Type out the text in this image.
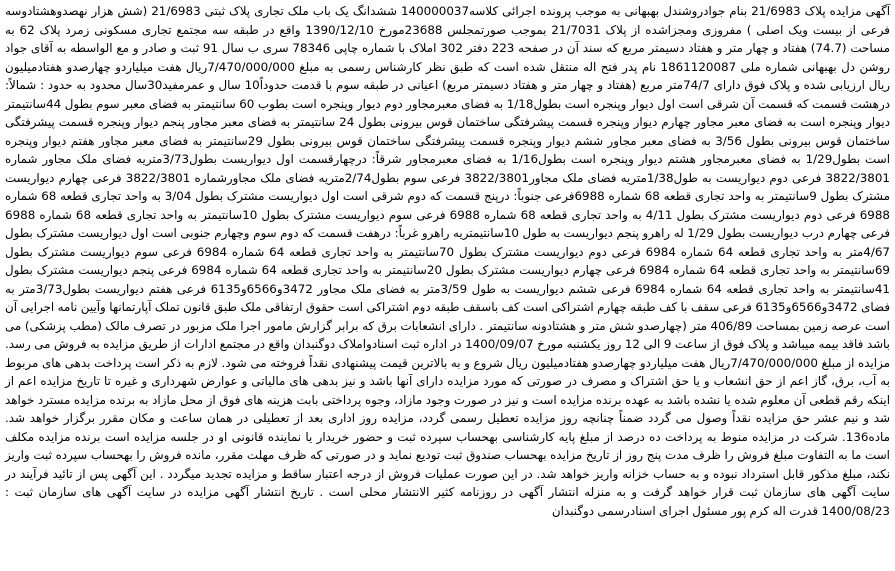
آگهی مزایده پلاک 21/6983 بنام جوادروشندل بهبهانی به موجب پرونده اجرائی کلاسه140000037 ششدانگ یک باب ملک تجاری پلاک ثبتی 21/6983 (شش هزار نهصدوهشتادوسه فرعی از بیست ویک اصلی ) مفروزی ومجزاشده از پلاک 21/7031 بموجب صورتمجلس 23688مورخ 1390/12/10 واقع در طبقه سه مجتمع تجاری مسکونی زمرد پلاک 62 به مساحت (74.7) هفتاد و چهار متر و هفتاد دسیمتر مربع که سند آن در صفحه 223 دفتر 302 املاک با شماره چاپی 78346 سری ب سال 91 ثبت و صادر و مع الواسطه به آقای جواد روشن دل بهبهانی شماره ملی 1861120087 نام پدر فتح اله منتقل شده است که طبق نظر کارشناس رسمی به مبلغ 7/470/000/000ریال هفت میلیاردو چهارصدو هفتادمیلیون ریال ارزیابی شده و پلاک فوق دارای 74/7متر مربع (هفتاد و چهار متر و هفتاد دسیمتر مربع) اعیانی در طبقه سوم با قدمت حدوداً10 سال و عمرمفید30سال محدود به حدود : شمالاً: درهشت قسمت که قسمت آن شرقی است اول دیوار وپنجره است بطول1/18 به فضای معبرمجاور دوم دیوار وپنجره است بطوب 60 سانتیمتر به فضای معبر سوم بطول 44سانتیمتر دیوار وپنجره است به فضای معبر مجاور چهارم دیوار وپنجره قسمت پیشرفتگی ساختمان قوس بیرونی بطول 24 سانتیمتر به فضای معبر مجاور پنجم دیوار وپنجره قسمت پیشرفتگی ساختمان قوس بیرونی بطول 3/56 به فضای معبر مجاور ششم دیوار وپنجره قسمت پیشرفتگی ساختمان قوس بیرونی بطول 29سانتیمتر به فضای معبر مجاور هفتم دیوار وپنجره است بطول1/29 به فضای معبرمجاور هشتم دیوار وپنجره است بطول1/16 به فضای معبرمجاور شرقاً: درچهارقسمت اول دیواریست بطول3/73متریه فضای ملک مجاور شماره 3822/3801 فرعی دوم دیواریست به طول1/38متریه فضای ملک مجاور3822/3801 فرعی سوم بطول2/74متریه فضای ملک مجاورشماره 3822/3801 فرعی چهارم دیواریست مشترک بطول 9سانتیمتر به واحد تجاری قطعه 68 شماره 6988فرعی جنوباً: درپنج قسمت که دوم شرقی است اول دیواریست مشترک بطول 3/04 به واحد تجاری قطعه 68 شماره 6988 فرعی دوم دیواریست مشترک بطول 4/11 به واحد تجاری قطعه 68 شماره 6988 فرعی سوم دیواریست مشترک بطول 10سانتیمتر به واحد تجاری قطعه 68 شماره 6988 فرعی چهارم درب دیواریست بطول 1/29 له راهرو پنجم دیواریست به طول 10سانتیمتریه راهرو غرباً: درهفت قسمت که دوم سوم وچهارم جنوبی است اول دیواریست مشترک بطول 4/67متر به واحد تجاری قطعه 64 شماره 6984 فرعی دوم دیواریست مشترک بطول 70سانتیمتر به واحد تجاری قطعه 64 شماره 6984 فرعی سوم دیواریست مشترک بطول 69سانتیمتر به واحد تجاری قطعه 64 شماره 6984 فرعی چهارم دیواریست مشترک بطول 20سانتیمتر به واحد تجاری قطعه 64 شماره 6984 فرعی پنجم دیواریست مشترک بطول 41سانتیمتر به واحد تجاری قطعه 64 شماره 6984 فرعی ششم دیواریست به طول 3/59متر به فضای ملک مجاور 3472و6566و6135 فرعی هفتم دیواریست بطول3/73متر به فضای 3472و6566و6135 فرعی سقف با کف طبقه چهارم اشتراکی است کف باسقف طبقه دوم اشتراکی است حقوق ارتفاقی ملک طبق قانون تملک آپارتمانها وآیین نامه اجرایی آن است عرصه زمین بمساحت 406/89 متر (چهارصدو شش متر و هشتادونه سانتیمتر . دارای انشعابات برق که برابر گزارش مامور اجرا ملک مزبور در تصرف مالک (مطب پزشکی) می باشد فاقد بیمه میباشد و پلاک فوق از ساعت 9 الی 12 روز یکشنبه مورخ 1400/09/07 در اداره ثبت اسنادواملاک دوگنبدان واقع در مجتمع ادارات از طریق مزایده به فروش می رسد. مزایده از مبلغ 7/470/000/000ریال هفت میلیاردو چهارصدو هفتادمیلیون ریال شروع و به بالاترین قیمت پیشنهادی نقداً فروخته می شود. لازم به ذکر است پرداخت بدهی های مربوط به آب، برق، گاز اعم از حق انشعاب و یا حق اشتراک و مصرف در صورتی که مورد مزایده دارای آنها باشد و نیز بدهی های مالیاتی و عوارض شهرداری و غیره تا تاریخ مزایده اعم از اینکه رقم قطعی آن معلوم شده یا نشده باشد به عهده برنده مزایده است و نیز در صورت وجود مازاد، وجوه پرداختی بابت هزینه های فوق از محل مازاد به برنده مزایده مسترد خواهد شد و نیم عشر حق مزایده نقداً وصول می گردد ضمناً چنانچه روز مزایده تعطیل رسمی گردد، مزایده روز اداری بعد از تعطیلی در همان ساعت و مکان مقرر برگزار خواهد شد. ماده136. شرکت در مزایده منوط به پرداخت ده درصد از مبلغ پایه کارشناسی بهحساب سپرده ثبت و حضور خریدار یا نماینده قانونی او در جلسه مزایده است برنده مزایده مکلف است ما به التفاوت مبلغ فروش را ظرف مدت پنج روز از تاریخ مزایده بهحساب صندوق ثبت تودیع نماید و در صورتی که ظرف مهلت مقرر، مانده فروش را بهحساب سپرده ثبت واریز نکند، مبلغ مذکور قابل استرداد نبوده و به حساب خزانه واریز خواهد شد. در این صورت عملیات فروش از درجه اعتبار ساقط و مزایده تجدید میگردد . این آگهی پس از تائید فرآیند در سایت آگهی های سازمان ثبت قرار خواهد گرفت و به منزله انتشار آگهی در روزنامه کثیر الانتشار محلی است . تاریخ انتشار آگهی مزایده در سایت آگهی های سازمان ثبت : 1400/08/23 قدرت اله کرم پور مسئول اجرای اسنادرسمی دوگنبدان
